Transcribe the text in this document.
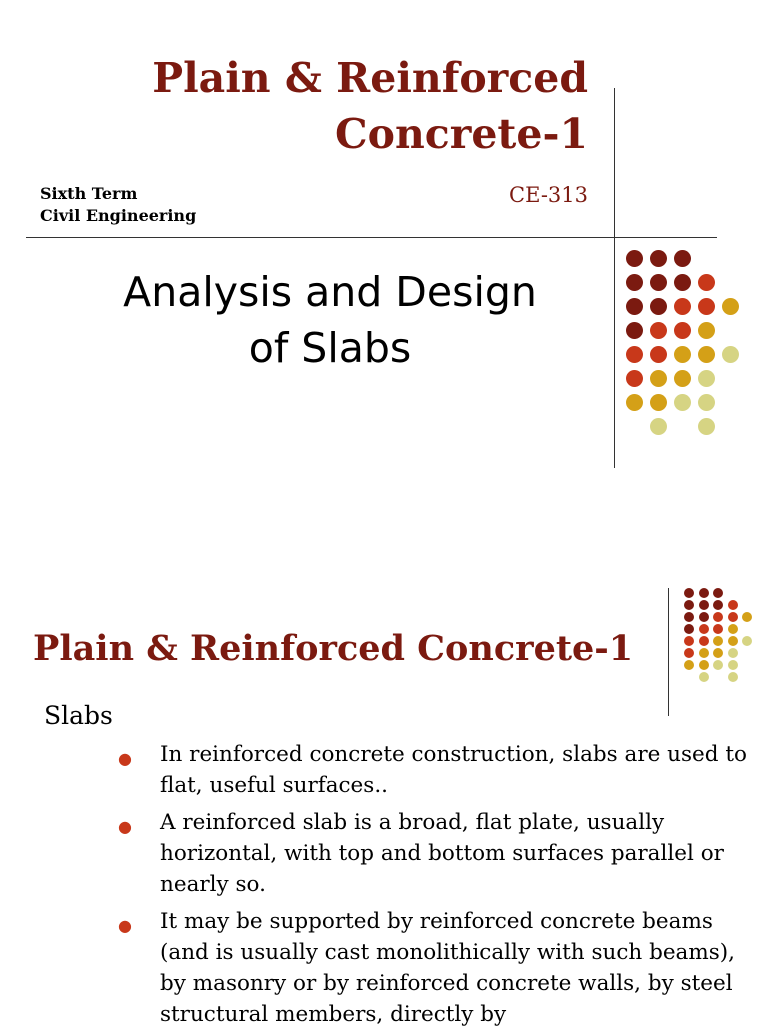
Plain & Reinforced
Concrete-1
Sixth Term
Civil Engineering
CE-313
Analysis and Design
of Slabs
Plain & Reinforced Concrete-1
Slabs
● In reinforced concrete construction, slabs are used to flat, useful surfaces..
● A reinforced slab is a broad, flat plate, usually horizontal, with top and bottom surfaces parallel or nearly so.
● It may be supported by reinforced concrete beams (and is usually cast monolithically with such beams), by masonry or by reinforced concrete walls, by steel structural members, directly by
